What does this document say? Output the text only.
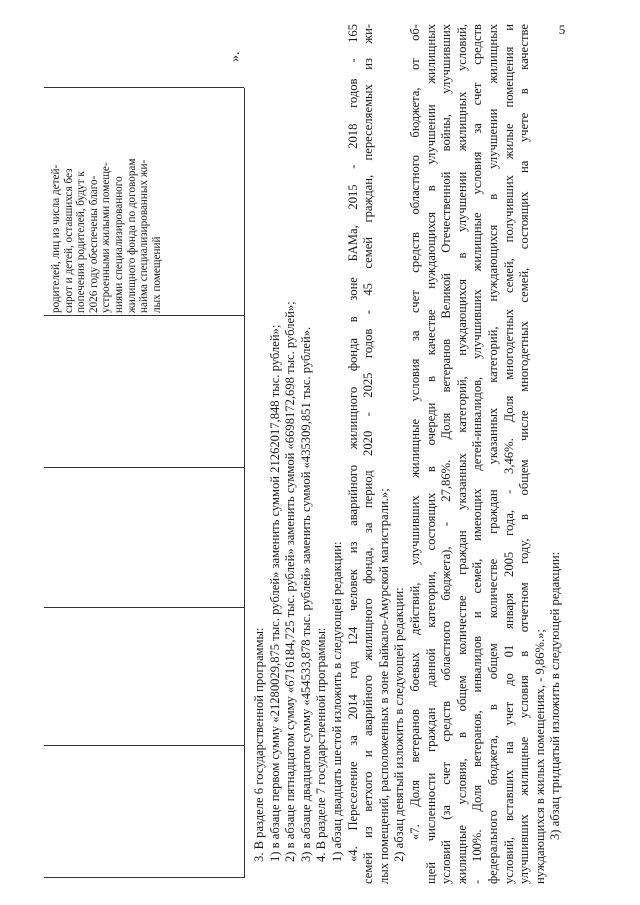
5
родителей, лиц из числа детей- сирот и детей, оставшихся без попечения родителей, будут к 2026 году обеспечены благо- устроенными жилыми помеще- ниями специализированного жилищного фонда по договорам найма специализированных жи- лых помещений
».
3. В разделе 6 государственной программы: 1) в абзаце первом сумму «21280029,875 тыс. рублей» заменить суммой 21262017,848 тыс. рублей»; 2) в абзаце пятнадцатом сумму «6716184,725 тыс. рублей» заменить суммой «6698172,698 тыс. рублей»; 3) в абзаце двадцатом сумму «454533,878 тыс. рублей» заменить суммой «435309,851 тыс. рублей». 4. В разделе 7 государственной программы: 1) абзац двадцать шестой изложить в следующей редакции: «4. Переселение за 2014 год 124 человек из аварийного жилищного фонда в зоне БАМа, 2015 - 2018 годов - 165 семей из ветхого и аварийного жилищного фонда, за период 2020 - 2025 годов - 45 семей граждан, переселяемых из жи- лых помещений, расположенных в зоне Байкало-Амурской магистрали.»; 2) абзац девятый изложить в следующей редакции: «7. Доля ветеранов боевых действий, улучшивших жилищные условия за счет средств областного бюджета, от об- щей численности граждан данной категории, состоящих в очереди в качестве нуждающихся в улучшении жилищных условий (за счет средств областного бюджета), - 27,86%. Доля ветеранов Великой Отечественной войны, улучшивших жилищные условия, в общем количестве граждан указанных категорий, нуждающихся в улучшении жилищных условий, - 100%. Доля ветеранов, инвалидов и семей, имеющих детей-инвалидов, улучшивших жилищные условия за счет средств федерального бюджета, в общем количестве граждан указанных категорий, нуждающихся в улучшении жилищных условий, вставших на учет до 01 января 2005 года, - 3,46%. Доля многодетных семей, получивших жилые помещения и улучшивших жилищные условия в отчетном году, в общем числе многодетных семей, состоящих на учете в качестве нуждающихся в жилых помещениях, - 9,86%.»; 3) абзац тридцатый изложить в следующей редакции:
